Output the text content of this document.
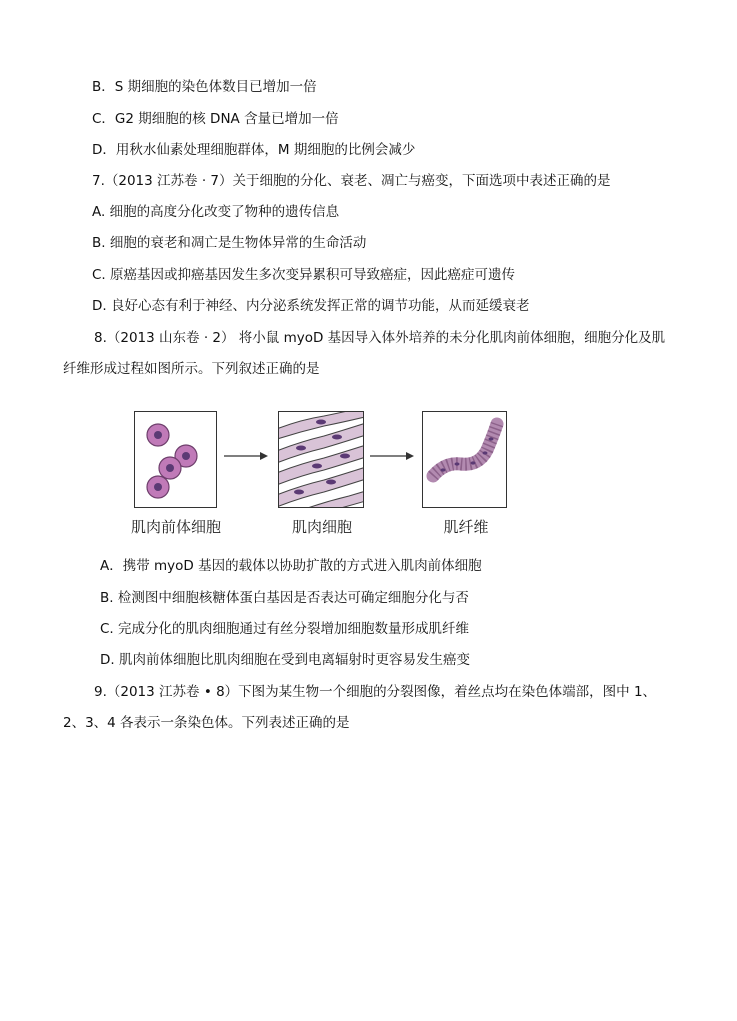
B．S 期细胞的染色体数目已增加一倍
C．G2 期细胞的核 DNA 含量已增加一倍
D．用秋水仙素处理细胞群体，M 期细胞的比例会减少
7.（2013 江苏卷 · 7）关于细胞的分化、衰老、凋亡与癌变，下面选项中表述正确的是
A. 细胞的高度分化改变了物种的遗传信息
B. 细胞的衰老和凋亡是生物体异常的生命活动
C. 原癌基因或抑癌基因发生多次变异累积可导致癌症，因此癌症可遗传
D. 良好心态有利于神经、内分泌系统发挥正常的调节功能，从而延缓衰老
8.（2013 山东卷 · 2） 将小鼠 myoD 基因导入体外培养的未分化肌肉前体细胞，细胞分化及肌
纤维形成过程如图所示。下列叙述正确的是
肌肉前体细胞	肌肉细胞	肌纤维
A．携带 myoD 基因的载体以协助扩散的方式进入肌肉前体细胞
B. 检测图中细胞核糖体蛋白基因是否表达可确定细胞分化与否
C. 完成分化的肌肉细胞通过有丝分裂增加细胞数量形成肌纤维
D. 肌肉前体细胞比肌肉细胞在受到电离辐射时更容易发生癌变
9.（2013 江苏卷 • 8）下图为某生物一个细胞的分裂图像，着丝点均在染色体端部，图中 1、
2、3、4 各表示一条染色体。下列表述正确的是
